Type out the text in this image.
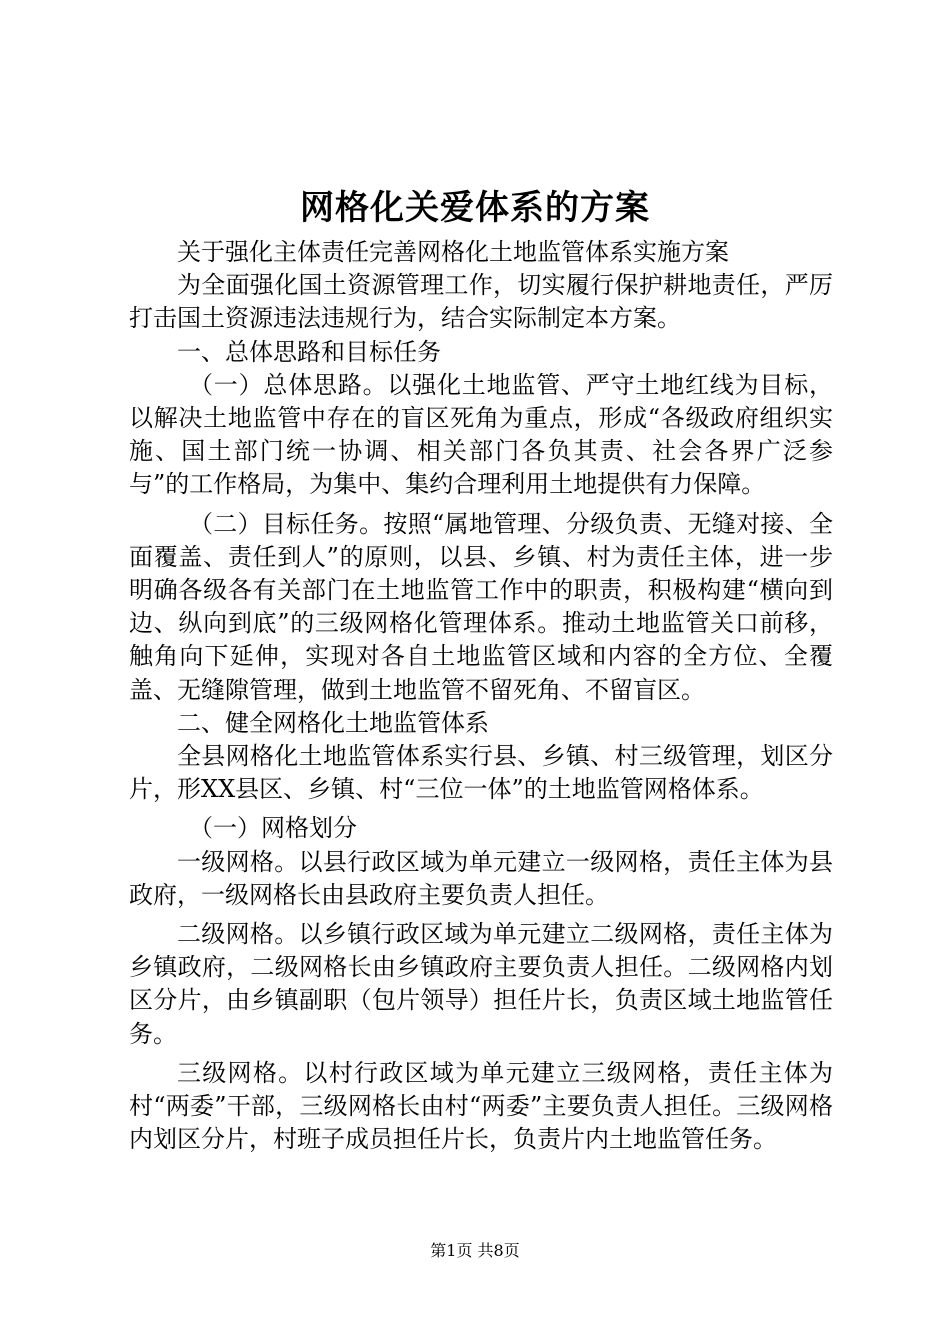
网格化关爱体系的方案

关于强化主体责任完善网格化土地监管体系实施方案

为全面强化国土资源管理工作，切实履行保护耕地责任，严厉打击国土资源违法违规行为，结合实际制定本方案。

一、总体思路和目标任务

（一）总体思路。以强化土地监管、严守土地红线为目标，以解决土地监管中存在的盲区死角为重点，形成“各级政府组织实施、国土部门统一协调、相关部门各负其责、社会各界广泛参与”的工作格局，为集中、集约合理利用土地提供有力保障。

（二）目标任务。按照“属地管理、分级负责、无缝对接、全面覆盖、责任到人”的原则，以县、乡镇、村为责任主体，进一步明确各级各有关部门在土地监管工作中的职责，积极构建“横向到边、纵向到底”的三级网格化管理体系。推动土地监管关口前移，触角向下延伸，实现对各自土地监管区域和内容的全方位、全覆盖、无缝隙管理，做到土地监管不留死角、不留盲区。

二、健全网格化土地监管体系

全县网格化土地监管体系实行县、乡镇、村三级管理，划区分片，形XX县区、乡镇、村“三位一体”的土地监管网格体系。

（一）网格划分

一级网格。以县行政区域为单元建立一级网格，责任主体为县政府，一级网格长由县政府主要负责人担任。

二级网格。以乡镇行政区域为单元建立二级网格，责任主体为乡镇政府，二级网格长由乡镇政府主要负责人担任。二级网格内划区分片，由乡镇副职（包片领导）担任片长，负责区域土地监管任务。

三级网格。以村行政区域为单元建立三级网格，责任主体为村“两委”干部，三级网格长由村“两委”主要负责人担任。三级网格内划区分片，村班子成员担任片长，负责片内土地监管任务。

第1页 共8页
